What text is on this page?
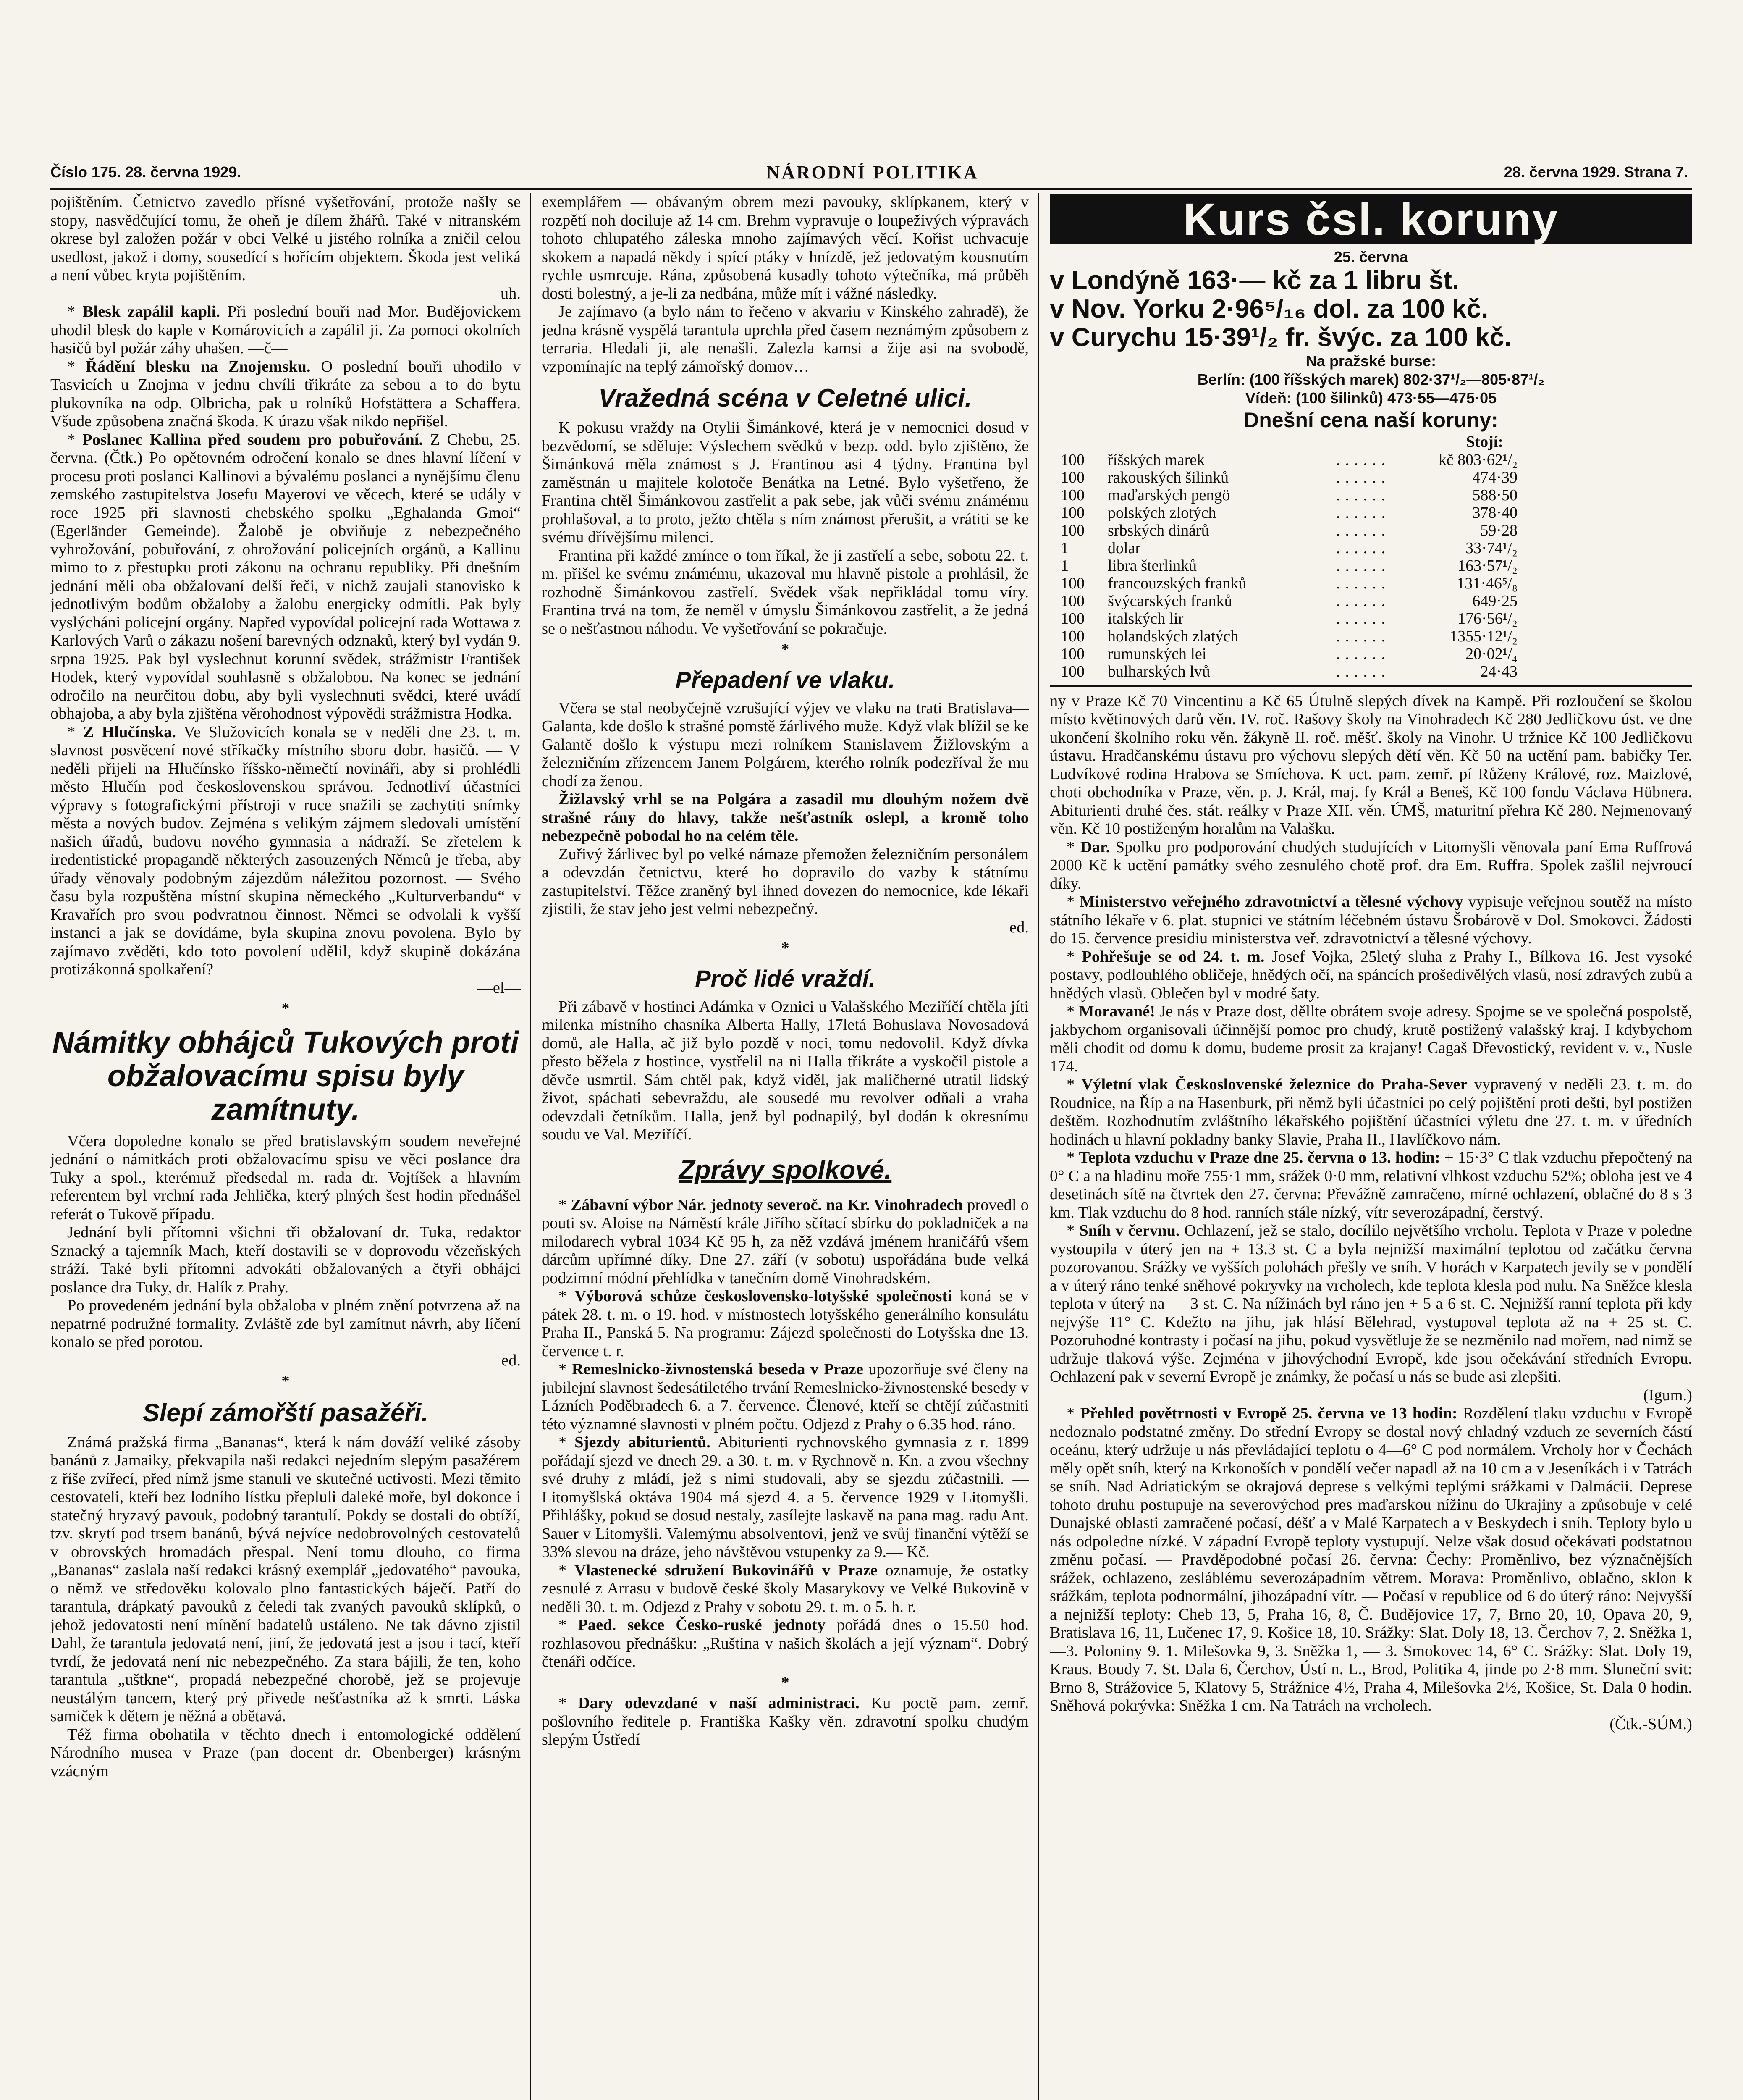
Číslo 175. 28. června 1929.	NÁRODNÍ POLITIKA	28. června 1929. Strana 7.

pojištěním. Četnictvo zavedlo přísné vyšetřování, protože našly se stopy, nasvědčující tomu, že oheň je dílem žhářů. Také v nitranském okrese byl založen požár v obci Velké u jistého rolníka a zničil celou usedlost, jakož i domy, sousedící s hořícím objektem. Škoda jest veliká a není vůbec kryta pojištěním.

uh.

* Blesk zapálil kapli. Při poslední bouři nad Mor. Budějovickem uhodil blesk do kaple v Komárovicích a zapálil ji. Za pomoci okolních hasičů byl požár záhy uhašen. —č—

* Řádění blesku na Znojemsku. O poslední bouři uhodilo v Tasvicích u Znojma v jednu chvíli třikráte za sebou a to do bytu plukovníka na odp. Olbricha, pak u rolníků Hofstättera a Schaffera. Všude způsobena značná škoda. K úrazu však nikdo nepřišel.

* Poslanec Kallina před soudem pro pobuřování. Z Chebu, 25. června. (Čtk.) Po opětovném odročení konalo se dnes hlavní líčení v procesu proti poslanci Kallinovi a bývalému poslanci a nynějšímu členu zemského zastupitelstva Josefu Mayerovi ve věcech, které se udály v roce 1925 při slavnosti chebského spolku „Eghalanda Gmoi“ (Egerländer Gemeinde). Žalobě je obviňuje z nebezpečného vyhrožování, pobuřování, z ohrožování policejních orgánů, a Kallinu mimo to z přestupku proti zákonu na ochranu republiky. Při dnešním jednání měli oba obžalovaní delší řeči, v nichž zaujali stanovisko k jednotlivým bodům obžaloby a žalobu energicky odmítli. Pak byly vyslýcháni policejní orgány. Napřed vypovídal policejní rada Wottawa z Karlových Varů o zákazu nošení barevných odznaků, který byl vydán 9. srpna 1925. Pak byl vyslechnut korunní svědek, strážmistr František Hodek, který vypovídal souhlasně s obžalobou. Na konec se jednání odročilo na neurčitou dobu, aby byli vyslechnuti svědci, které uvádí obhajoba, a aby byla zjištěna věrohodnost výpovědi strážmistra Hodka.

* Z Hlučínska. Ve Služovicích konala se v neděli dne 23. t. m. slavnost posvěcení nové stříkačky místního sboru dobr. hasičů. — V neděli přijeli na Hlučínsko říšsko-němečtí novináři, aby si prohlédli město Hlučín pod československou správou. Jednotliví účastníci výpravy s fotografickými přístroji v ruce snažili se zachytiti snímky města a nových budov. Zejména s velikým zájmem sledovali umístění našich úřadů, budovu nového gymnasia a nádraží. Se zřetelem k iredentistické propagandě některých zasouzených Němců je třeba, aby úřady věnovaly podobným zájezdům náležitou pozornost. — Svého času byla rozpuštěna místní skupina německého „Kulturverbandu“ v Kravařích pro svou podvratnou činnost. Němci se odvolali k vyšší instanci a jak se dovídáme, byla skupina znovu povolena. Bylo by zajímavo zvěděti, kdo toto povolení udělil, když skupině dokázána protizákonná spolkaření?

—el—
*
Námitky obhájců Tukových proti obžalovacímu spisu byly zamítnuty.

Včera dopoledne konalo se před bratislavským soudem neveřejné jednání o námitkách proti obžalovacímu spisu ve věci poslance dra Tuky a spol., kterémuž předsedal m. rada dr. Vojtíšek a hlavním referentem byl vrchní rada Jehlička, který plných šest hodin přednášel referát o Tukově případu.

Jednání byli přítomni všichni tři obžalovaní dr. Tuka, redaktor Sznacký a tajemník Mach, kteří dostavili se v doprovodu vězeňských stráží. Také byli přítomni advokáti obžalovaných a čtyři obhájci poslance dra Tuky, dr. Halík z Prahy.

Po provedeném jednání byla obžaloba v plném znění potvrzena až na nepatrné podružné formality. Zvláště zde byl zamítnut návrh, aby líčení konalo se před porotou.

ed.
*
Slepí zámořští pasažéři.

Známá pražská firma „Bananas“, která k nám dováží veliké zásoby banánů z Jamaiky, překvapila naši redakci nejedním slepým pasažérem z říše zvířecí, před nímž jsme stanuli ve skutečné uctivosti. Mezi těmito cestovateli, kteří bez lodního lístku přepluli daleké moře, byl dokonce i statečný hryzavý pavouk, podobný tarantulí. Pokdy se dostali do obtíží, tzv. skrytí pod trsem banánů, bývá nejvíce nedobrovolných cestovatelů v obrovských hromadách přespal. Není tomu dlouho, co firma „Bananas“ zaslala naší redakci krásný exemplář „jedovatého“ pavouka, o němž ve středověku kolovalo plno fantastických báječí. Patří do tarantula, drápkatý pavouků z čeledi tak zvaných pavouků sklípků, o jehož jedovatosti není mínění badatelů ustáleno. Ne tak dávno zjistil Dahl, že tarantula jedovatá není, jiní, že jedovatá jest a jsou i tací, kteří tvrdí, že jedovatá není nic nebezpečného. Za stara bájili, že ten, koho tarantula „uštkne“, propadá nebezpečné chorobě, jež se projevuje neustálým tancem, který prý přivede nešťastníka až k smrti. Láska samiček k dětem je něžná a obětavá.

Též firma obohatila v těchto dnech i entomologické oddělení Národního musea v Praze (pan docent dr. Obenberger) krásným vzácným

exemplářem — obávaným obrem mezi pavouky, sklípkanem, který v rozpětí noh dociluje až 14 cm. Brehm vypravuje o loupeživých výpravách tohoto chlupatého záleska mnoho zajímavých věcí. Kořist uchvacuje skokem a napadá někdy i spící ptáky v hnízdě, jež jedovatým kousnutím rychle usmrcuje. Rána, způsobená kusadly tohoto výtečníka, má průběh dosti bolestný, a je-li za nedbána, může mít i vážné následky.

Je zajímavo (a bylo nám to řečeno v akvariu v Kinského zahradě), že jedna krásně vyspělá tarantula uprchla před časem neznámým způsobem z terraria. Hledali ji, ale nenašli. Zalezla kamsi a žije asi na svobodě, vzpomínajíc na teplý zámořský domov…

Vražedná scéna v Celetné ulici.

K pokusu vraždy na Otylii Šimánkové, která je v nemocnici dosud v bezvědomí, se sděluje: Výslechem svědků v bezp. odd. bylo zjištěno, že Šimánková měla známost s J. Frantinou asi 4 týdny. Frantina byl zaměstnán u majitele kolotoče Benátka na Letné. Bylo vyšetřeno, že Frantina chtěl Šimánkovou zastřelit a pak sebe, jak vůči svému známému prohlašoval, a to proto, ježto chtěla s ním známost přerušit, a vrátiti se ke svému dřívějšímu milenci.

Frantina při každé zmínce o tom říkal, že ji zastřelí a sebe, sobotu 22. t. m. přišel ke svému známému, ukazoval mu hlavně pistole a prohlásil, že rozhodně Šimánkovou zastřelí. Svědek však nepřikládal tomu víry. Frantina trvá na tom, že neměl v úmyslu Šimánkovou zastřelit, a že jedná se o nešťastnou náhodu. Ve vyšetřování se pokračuje.

*
Přepadení ve vlaku.

Včera se stal neobyčejně vzrušující výjev ve vlaku na trati Bratislava—Galanta, kde došlo k strašné pomstě žárlivého muže. Když vlak blížil se ke Galantě došlo k výstupu mezi rolníkem Stanislavem Žižlovským a železničním zřízencem Janem Polgárem, kterého rolník podezříval že mu chodí za ženou.

Žižlavský vrhl se na Polgára a zasadil mu dlouhým nožem dvě strašné rány do hlavy, takže nešťastník oslepl, a kromě toho nebezpečně pobodal ho na celém těle.

Zuřivý žárlivec byl po velké námaze přemožen železničním personálem a odevzdán četnictvu, které ho dopravilo do vazby k státnímu zastupitelství. Těžce zraněný byl ihned dovezen do nemocnice, kde lékaři zjistili, že stav jeho jest velmi nebezpečný.

ed.
*
Proč lidé vraždí.

Při zábavě v hostinci Adámka v Oznici u Valašského Meziříčí chtěla jíti milenka místního chasníka Alberta Hally, 17letá Bohuslava Novosadová domů, ale Halla, ač již bylo pozdě v noci, tomu nedovolil. Když dívka přesto běžela z hostince, vystřelil na ni Halla třikráte a vyskočil pistole a děvče usmrtil. Sám chtěl pak, když viděl, jak maličherné utratil lidský život, spáchati sebevraždu, ale sousedé mu revolver odňali a vraha odevzdali četníkům. Halla, jenž byl podnapilý, byl dodán k okresnímu soudu ve Val. Meziříčí.

Zprávy spolkové.

* Zábavní výbor Nár. jednoty severoč. na Kr. Vinohradech provedl o pouti sv. Aloise na Náměstí krále Jiřího sčítací sbírku do pokladniček a na milodarech vybral 1034 Kč 95 h, za něž vzdává jménem hraničářů všem dárcům upřímné díky. Dne 27. září (v sobotu) uspořádána bude velká podzimní módní přehlídka v tanečním domě Vinohradském.

* Výborová schůze československo-lotyšské společnosti koná se v pátek 28. t. m. o 19. hod. v místnostech lotyšského generálního konsulátu Praha II., Panská 5. Na programu: Zájezd společnosti do Lotyšska dne 13. července t. r.

* Remeslnicko-živnostenská beseda v Praze upozorňuje své členy na jubilejní slavnost šedesátiletého trvání Remeslnicko-živnostenské besedy v Lázních Poděbradech 6. a 7. července. Členové, kteří se chtějí zúčastniti této významné slavnosti v plném počtu. Odjezd z Prahy o 6.35 hod. ráno.

* Sjezdy abiturientů. Abiturienti rychnovského gymnasia z r. 1899 pořádají sjezd ve dnech 29. a 30. t. m. v Rychnově n. Kn. a zvou všechny své druhy z mládí, jež s nimi studovali, aby se sjezdu zúčastnili. — Litomyšlská oktáva 1904 má sjezd 4. a 5. července 1929 v Litomyšli. Přihlášky, pokud se dosud nestaly, zasílejte laskavě na pana mag. radu Ant. Sauer v Litomyšli. Valemýmu absolventovi, jenž ve svůj finanční výtěží se 33% slevou na dráze, jeho návštěvou vstupenky za 9.— Kč.

* Vlastenecké sdružení Bukovinářů v Praze oznamuje, že ostatky zesnulé z Arrasu v budově české školy Masarykovy ve Velké Bukovině v neděli 30. t. m. Odjezd z Prahy v sobotu 29. t. m. o 5. h. r.

* Paed. sekce Česko-ruské jednoty pořádá dnes o 15.50 hod. rozhlasovou přednášku: „Ruština v našich školách a její význam“. Dobrý čtenáři odčíce.

*

* Dary odevzdané v naší administraci. Ku poctě pam. zemř. pošlovního ředitele p. Františka Kašky věn. zdravotní spolku chudým slepým Ústředí

Kurs čsl. koruny
25. června
v Londýně 163·— kč za 1 libru št.
v Nov. Yorku 2·96⁵/₁₆ dol. za 100 kč.
v Curychu 15·39¹/₂ fr. švýc. za 100 kč.
Na pražské burse:
Berlín: (100 říšských marek) 802·37¹/₂—805·87¹/₂
Vídeň: (100 šilinků) 473·55—475·05
Dnešní cena naší koruny:
Stojí:			
100	říšských marek	......	kč 803·62¹/₂
100	rakouských šilinků	......	474·39
100	maďarských pengö	......	588·50
100	polských zlotých	......	378·40
100	srbských dinárů	......	59·28
1	dolar	......	33·74¹/₂
1	libra šterlinků	......	163·57¹/₂
100	francouzských franků	......	131·46⁵/₈
100	švýcarských franků	......	649·25
100	italských lir	......	176·56¹/₂
100	holandských zlatých	......	1355·12¹/₂
100	rumunských lei	......	20·02¹/₄
100	bulharských lvů	......	24·43

ny v Praze Kč 70 Vincentinu a Kč 65 Útulně slepých dívek na Kampě. Při rozloučení se školou místo květinových darů věn. IV. roč. Rašovy školy na Vinohradech Kč 280 Jedličkovu úst. ve dne ukončení školního roku věn. žákyně II. roč. měšť. školy na Vinohr. U tržnice Kč 100 Jedličkovu ústavu. Hradčanskému ústavu pro výchovu slepých dětí věn. Kč 50 na uctění pam. babičky Ter. Ludvíkové rodina Hrabova se Smíchova. K uct. pam. zemř. pí Růženy Králové, roz. Maizlové, choti obchodníka v Praze, věn. p. J. Král, maj. fy Král a Beneš, Kč 100 fondu Václava Hübnera. Abiturienti druhé čes. stát. reálky v Praze XII. věn. ÚMŠ, maturitní přehra Kč 280. Nejmenovaný věn. Kč 10 postiženým horalům na Valašku.

* Dar. Spolku pro podporování chudých studujících v Litomyšli věnovala paní Ema Ruffrová 2000 Kč k uctění památky svého zesnulého chotě prof. dra Em. Ruffra. Spolek zašlil nejvroucí díky.

* Ministerstvo veřejného zdravotnictví a tělesné výchovy vypisuje veřejnou soutěž na místo státního lékaře v 6. plat. stupnici ve státním léčebném ústavu Šrobárově v Dol. Smokovci. Žádosti do 15. července presidiu ministerstva veř. zdravotnictví a tělesné výchovy.

* Pohřešuje se od 24. t. m. Josef Vojka, 25letý sluha z Prahy I., Bílkova 16. Jest vysoké postavy, podlouhlého obličeje, hnědých očí, na spáncích prošedivělých vlasů, nosí zdravých zubů a hnědých vlasů. Oblečen byl v modré šaty.

* Moravané! Je nás v Praze dost, děllte obrátem svoje adresy. Spojme se ve společná pospolstě, jakbychom organisovali účinnější pomoc pro chudý, krutě postižený valašský kraj. I kdybychom měli chodit od domu k domu, budeme prosit za krajany! Cagaš Dřevostický, revident v. v., Nusle 174.

* Výletní vlak Československé železnice do Praha-Sever vypravený v neděli 23. t. m. do Roudnice, na Říp a na Hasenburk, při němž byli účastníci po celý pojištění proti dešti, byl postižen deštěm. Rozhodnutím zvláštního lékařského pojištění účastníci výletu dne 27. t. m. v úředních hodinách u hlavní pokladny banky Slavie, Praha II., Havlíčkovo nám.

* Teplota vzduchu v Praze dne 25. června o 13. hodin: + 15·3° C tlak vzduchu přepočtený na 0° C a na hladinu moře 755·1 mm, srážek 0·0 mm, relativní vlhkost vzduchu 52%; obloha jest ve 4 desetinách sítě na čtvrtek den 27. června: Převážně zamračeno, mírné ochlazení, oblačné do 8 s 3 km. Tlak vzduchu do 8 hod. ranních stále nízký, vítr severozápadní, čerstvý.

* Sníh v červnu. Ochlazení, jež se stalo, docílilo největšího vrcholu. Teplota v Praze v poledne vystoupila v úterý jen na + 13.3 st. C a byla nejnižší maximální teplotou od začátku června pozorovanou. Srážky ve vyšších polohách přešly ve sníh. V horách v Karpatech jevily se v pondělí a v úterý ráno tenké sněhové pokryvky na vrcholech, kde teplota klesla pod nulu. Na Sněžce klesla teplota v úterý na — 3 st. C. Na nížinách byl ráno jen + 5 a 6 st. C. Nejnižší ranní teplota při kdy nejvýše 11° C. Kdežto na jihu, jak hlásí Bělehrad, vystupoval teplota až na + 25 st. C. Pozoruhodné kontrasty i počasí na jihu, pokud vysvětluje že se nezměnilo nad mořem, nad nimž se udržuje tlaková výše. Zejména v jihovýchodní Evropě, kde jsou očekávání středních Evropu. Ochlazení pak v severní Evropě je známky, že počasí u nás se bude asi zlepšiti.

(Igum.)

* Přehled povětrnosti v Evropě 25. června ve 13 hodin: Rozdělení tlaku vzduchu v Evropě nedoznalo podstatné změny. Do střední Evropy se dostal nový chladný vzduch ze severních částí oceánu, který udržuje u nás převládající teplotu o 4—6° C pod normálem. Vrcholy hor v Čechách měly opět sníh, který na Krkonoších v pondělí večer napadl až na 10 cm a v Jeseníkách i v Tatrách se sníh. Nad Adriatickým se okrajová deprese s velkými teplými srážkami v Dalmácii. Deprese tohoto druhu postupuje na severovýchod pres maďarskou nížinu do Ukrajiny a způsobuje v celé Dunajské oblasti zamračené počasí, déšť a v Malé Karpatech a v Beskydech i sníh. Teploty bylo u nás odpoledne nízké. V západní Evropě teploty vystupují. Nelze však dosud očekávati podstatnou změnu počasí. — Pravděpodobné počasí 26. června: Čechy: Proměnlivo, bez význačnějších srážek, ochlazeno, zesláblému severozápadním větrem. Morava: Proměnlivo, oblačno, sklon k srážkám, teplota podnormální, jihozápadní vítr. — Počasí v republice od 6 do úterý ráno: Nejvyšší a nejnižší teploty: Cheb 13, 5, Praha 16, 8, Č. Budějovice 17, 7, Brno 20, 10, Opava 20, 9, Bratislava 16, 11, Lučenec 17, 9. Košice 18, 10. Srážky: Slat. Doly 18, 13. Čerchov 7, 2. Sněžka 1, —3. Poloniny 9. 1. Milešovka 9, 3. Sněžka 1, — 3. Smokovec 14, 6° C. Srážky: Slat. Doly 19, Kraus. Boudy 7. St. Dala 6, Čerchov, Ústí n. L., Brod, Politika 4, jinde po 2·8 mm. Sluneční svit: Brno 8, Strážovice 5, Klatovy 5, Strážnice 4½, Praha 4, Milešovka 2½, Košice, St. Dala 0 hodin. Sněhová pokrývka: Sněžka 1 cm. Na Tatrách na vrcholech.

(Čtk.-SÚM.)
